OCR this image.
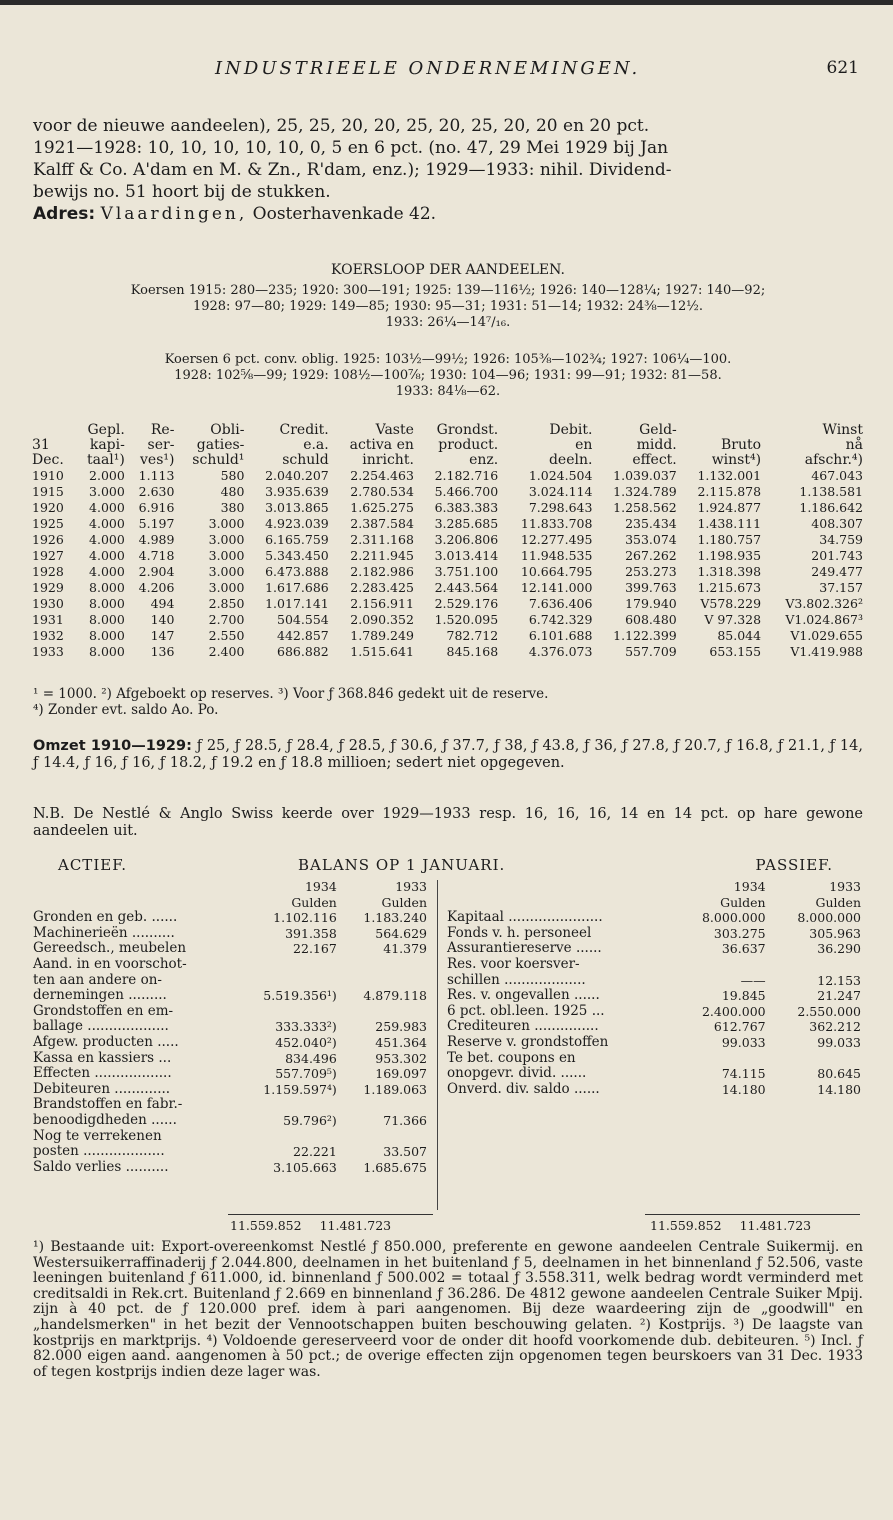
INDUSTRIEELE ONDERNEMINGEN.	621
voor de nieuwe aandeelen), 25, 25, 20, 20, 25, 20, 25, 20, 20 en 20 pct.
1921—1928: 10, 10, 10, 10, 10, 0, 5 en 6 pct. (no. 47, 29 Mei 1929 bij Jan
Kalff & Co. A'dam en M. & Zn., R'dam, enz.); 1929—1933: nihil. Dividend-
bewijs no. 51 hoort bij de stukken.
Adres: Vlaardingen, Oosterhavenkade 42.
KOERSLOOP DER AANDEELEN.
Koersen 1915: 280—235; 1920: 300—191; 1925: 139—116½; 1926: 140—128¼; 1927: 140—92;
1928: 97—80; 1929: 149—85; 1930: 95—31; 1931: 51—14; 1932: 24⅜—12½.
1933: 26¼—14⁷/₁₆.
Koersen 6 pct. conv. oblig. 1925: 103½—99½; 1926: 105⅜—102¾; 1927: 106¼—100.
1928: 102⅝—99; 1929: 108½—100⅞; 1930: 104—96; 1931: 99—91; 1932: 81—58.
1933: 84⅛—62.
	Gepl.	Re-	Obli-	Credit.	Vaste	Grondst.	Debit.	Geld-		Winst
31	kapi-	ser-	gaties-	e.a.	activa en	product.	en	midd.	Bruto	nå
Dec.	taal¹)	ves¹)	schuld¹	schuld	inricht.	enz.	deeln.	effect.	winst⁴)	afschr.⁴)
1910	2.000	1.113	580	2.040.207	2.254.463	2.182.716	1.024.504	1.039.037	1.132.001	467.043
1915	3.000	2.630	480	3.935.639	2.780.534	5.466.700	3.024.114	1.324.789	2.115.878	1.138.581
1920	4.000	6.916	380	3.013.865	1.625.275	6.383.383	7.298.643	1.258.562	1.924.877	1.186.642
1925	4.000	5.197	3.000	4.923.039	2.387.584	3.285.685	11.833.708	235.434	1.438.111	408.307
1926	4.000	4.989	3.000	6.165.759	2.311.168	3.206.806	12.277.495	353.074	1.180.757	34.759
1927	4.000	4.718	3.000	5.343.450	2.211.945	3.013.414	11.948.535	267.262	1.198.935	201.743
1928	4.000	2.904	3.000	6.473.888	2.182.986	3.751.100	10.664.795	253.273	1.318.398	249.477
1929	8.000	4.206	3.000	1.617.686	2.283.425	2.443.564	12.141.000	399.763	1.215.673	37.157
1930	8.000	494	2.850	1.017.141	2.156.911	2.529.176	7.636.406	179.940	V578.229	V3.802.326²
1931	8.000	140	2.700	504.554	2.090.352	1.520.095	6.742.329	608.480	V 97.328	V1.024.867³
1932	8.000	147	2.550	442.857	1.789.249	782.712	6.101.688	1.122.399	85.044	V1.029.655
1933	8.000	136	2.400	686.882	1.515.641	845.168	4.376.073	557.709	653.155	V1.419.988
¹ = 1000. ²) Afgeboekt op reserves. ³) Voor ƒ 368.846 gedekt uit de reserve.
⁴) Zonder evt. saldo Ao. Po.
Omzet 1910—1929: ƒ 25, ƒ 28.5, ƒ 28.4, ƒ 28.5, ƒ 30.6, ƒ 37.7, ƒ 38, ƒ 43.8, ƒ 36, ƒ 27.8, ƒ 20.7, ƒ 16.8, ƒ 21.1, ƒ 14, ƒ 14.4, ƒ 16, ƒ 16, ƒ 18.2, ƒ 19.2 en ƒ 18.8 millioen; sedert niet opgegeven.
N.B. De Nestlé & Anglo Swiss keerde over 1929—1933 resp. 16, 16, 16, 14 en 14 pct. op hare gewone aandeelen uit.
ACTIEF.	BALANS OP 1 JANUARI.	PASSIEF.
	1934	1933
	Gulden	Gulden
Gronden en geb. ......	1.102.116	1.183.240
Machinerieën ..........	391.358	564.629
Gereedsch., meubelen	22.167	41.379
Aand. in en voorschot-		
ten aan andere on-		
dernemingen .........	5.519.356¹)	4.879.118
Grondstoffen en em-		
ballage ...................	333.333²)	259.983
Afgew. producten .....	452.040²)	451.364
Kassa en kassiers ...	834.496	953.302
Effecten ..................	557.709⁵)	169.097
Debiteuren .............	1.159.597⁴)	1.189.063
Brandstoffen en fabr.-		
benoodigdheden ......	59.796²)	71.366
Nog te verrekenen		
posten ...................	22.221	33.507
Saldo verlies ..........	3.105.663	1.685.675
	1934	1933
	Gulden	Gulden
Kapitaal ......................	8.000.000	8.000.000
Fonds v. h. personeel	303.275	305.963
Assurantiereserve ......	36.637	36.290
Res. voor koersver-		
schillen ...................	——	12.153
Res. v. ongevallen ......	19.845	21.247
6 pct. obl.leen. 1925 ...	2.400.000	2.550.000
Crediteuren ...............	612.767	362.212
Reserve v. grondstoffen	99.033	99.033
Te bet. coupons en		
onopgevr. divid. ......	74.115	80.645
Onverd. div. saldo ......	14.180	14.180
11.559.852 11.481.723	11.559.852 11.481.723
¹) Bestaande uit: Export-overeenkomst Nestlé ƒ 850.000, preferente en gewone aandeelen Centrale Suikermij. en Westersuikerraffinaderij ƒ 2.044.800, deelnamen in het buitenland ƒ 5, deelnamen in het binnenland ƒ 52.506, vaste leeningen buitenland ƒ 611.000, id. binnenland ƒ 500.002 = totaal ƒ 3.558.311, welk bedrag wordt verminderd met creditsaldi in Rek.crt. Buitenland ƒ 2.669 en binnenland ƒ 36.286. De 4812 gewone aandeelen Centrale Suiker Mpij. zijn à 40 pct. de ƒ 120.000 pref. idem à pari aangenomen. Bij deze waardeering zijn de „goodwill" en „handelsmerken" in het bezit der Vennootschappen buiten beschouwing gelaten. ²) Kostprijs. ³) De laagste van kostprijs en marktprijs. ⁴) Voldoende gereserveerd voor de onder dit hoofd voorkomende dub. debiteuren. ⁵) Incl. ƒ 82.000 eigen aand. aangenomen à 50 pct.; de overige effecten zijn opgenomen tegen beurskoers van 31 Dec. 1933 of tegen kostprijs indien deze lager was.
